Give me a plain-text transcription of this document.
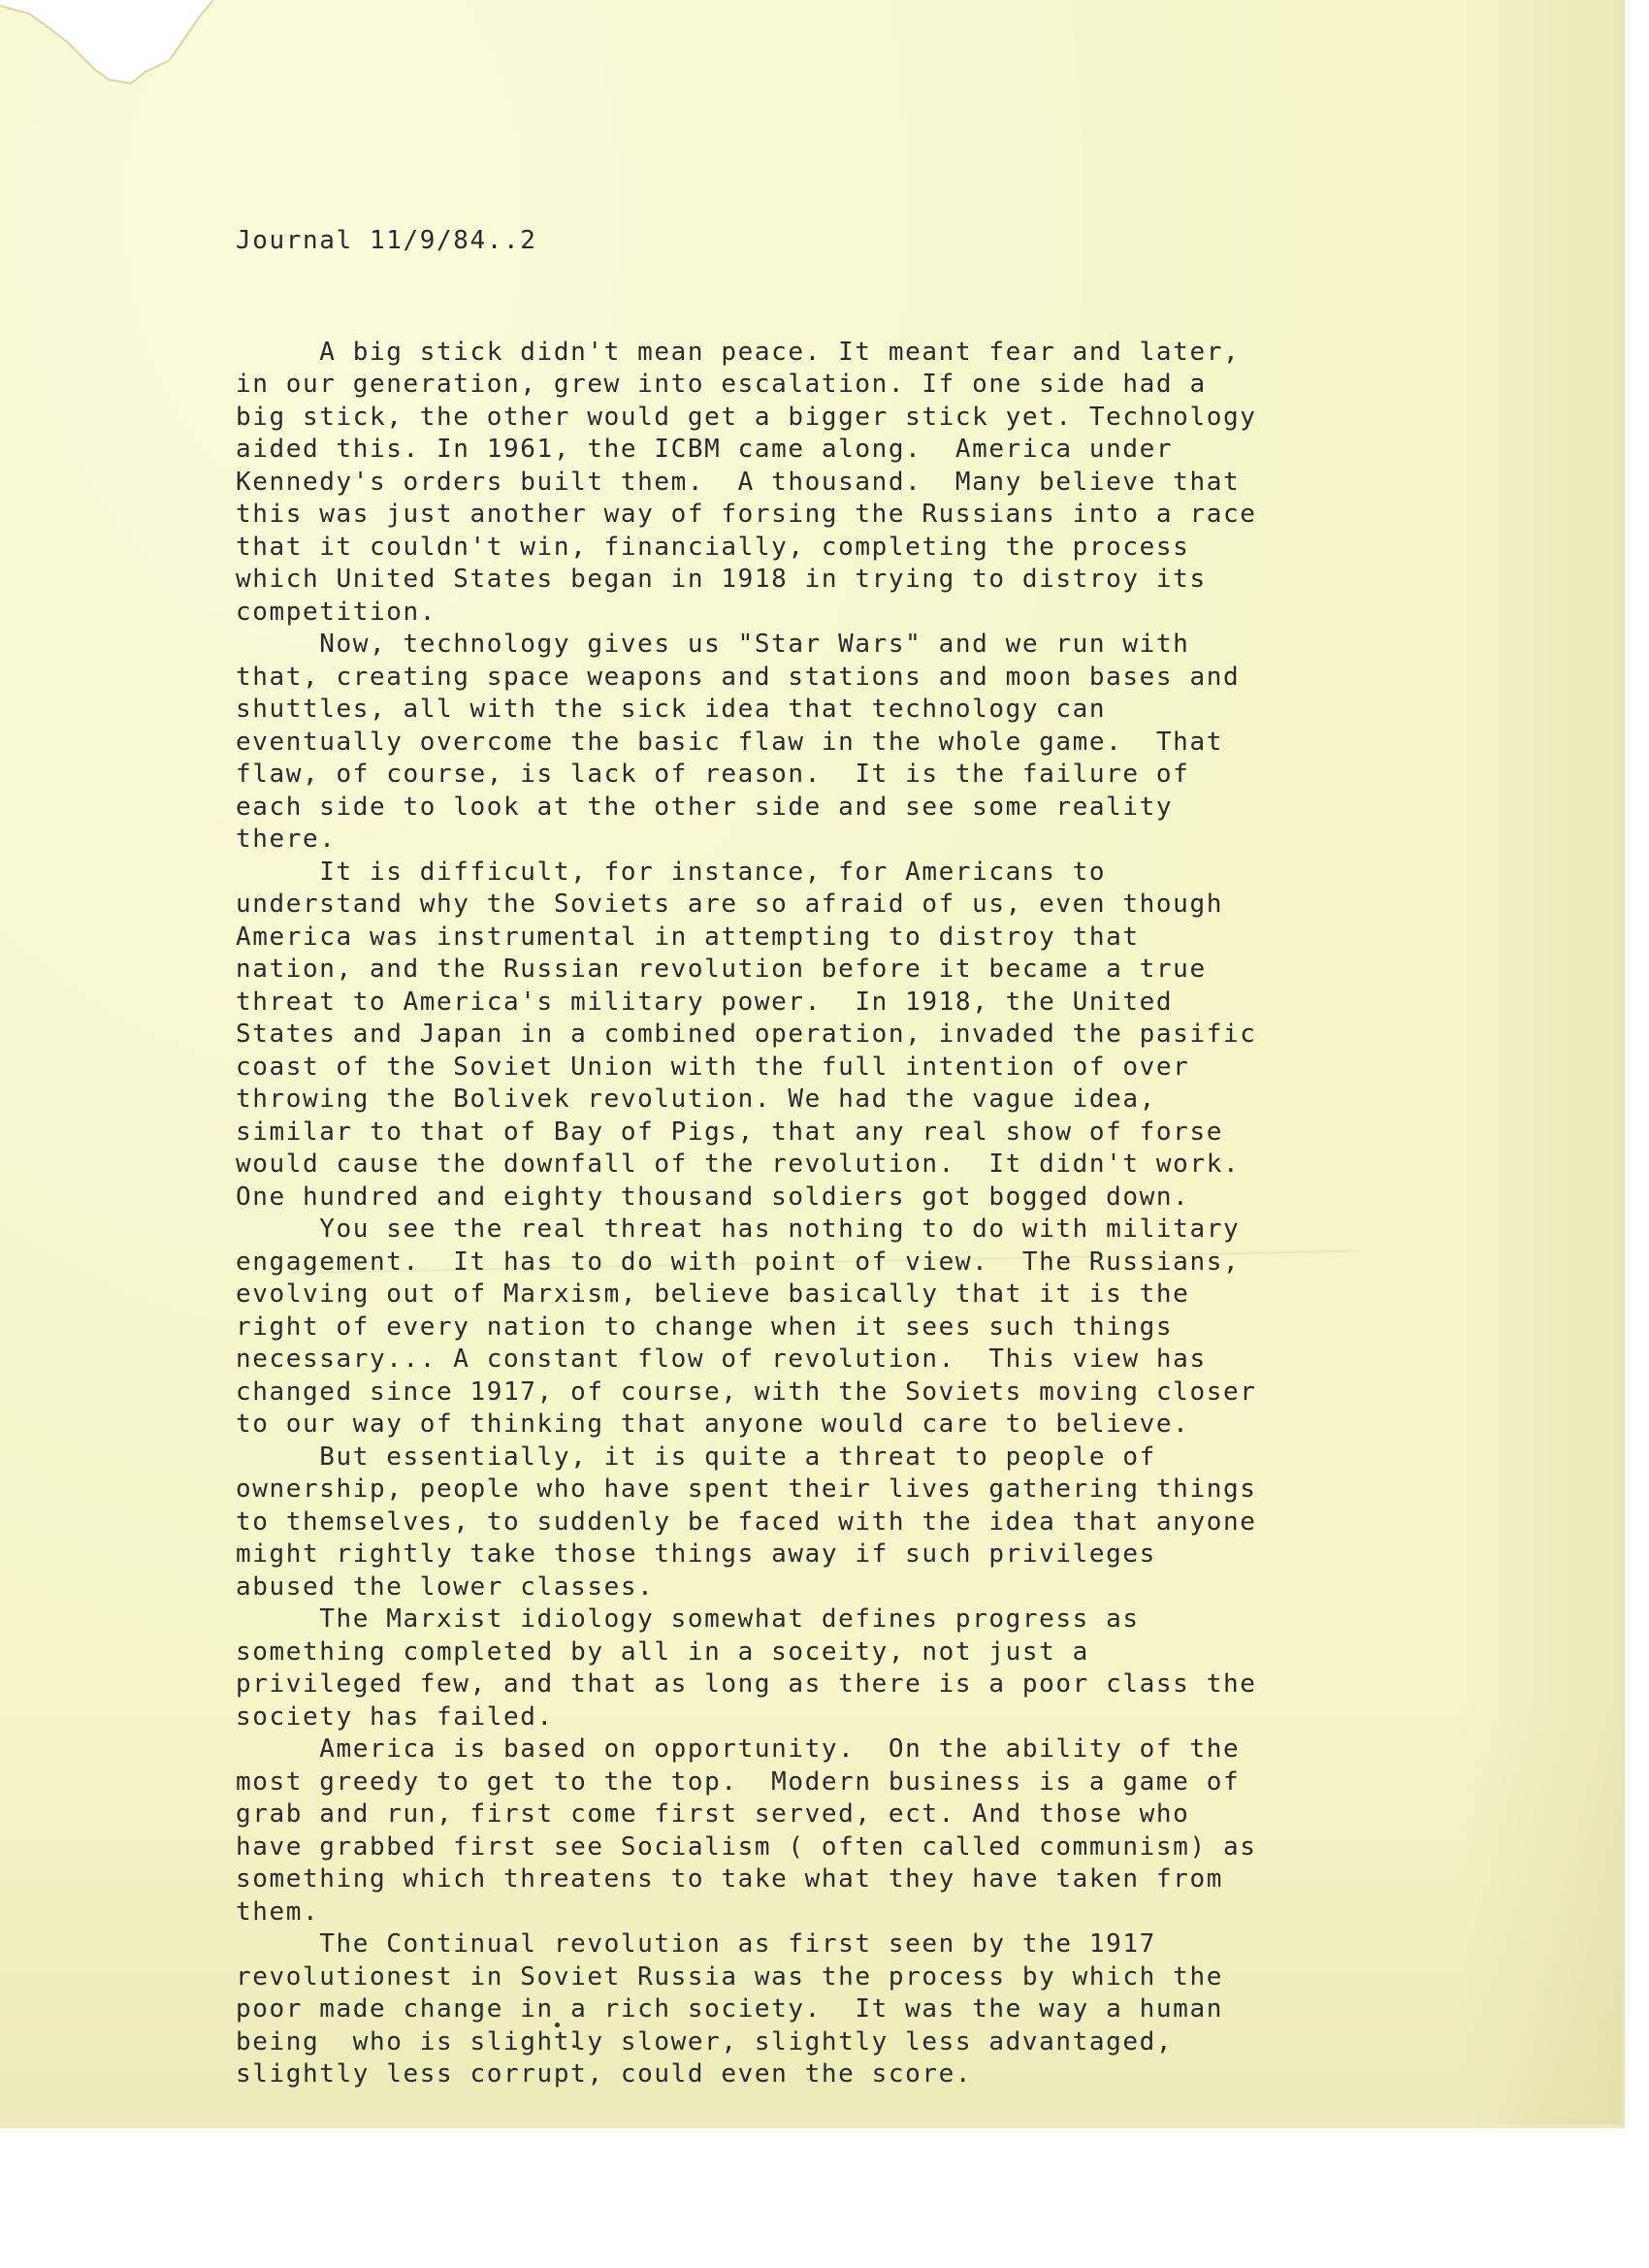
Journal 11/9/84..2

A big stick didn't mean peace. It meant fear and later,
in our generation, grew into escalation. If one side had a
big stick, the other would get a bigger stick yet. Technology
aided this. In 1961, the ICBM came along.  America under
Kennedy's orders built them.  A thousand.  Many believe that
this was just another way of forsing the Russians into a race
that it couldn't win, financially, completing the process
which United States began in 1918 in trying to distroy its
competition.
Now, technology gives us "Star Wars" and we run with
that, creating space weapons and stations and moon bases and
shuttles, all with the sick idea that technology can
eventually overcome the basic flaw in the whole game.  That
flaw, of course, is lack of reason.  It is the failure of
each side to look at the other side and see some reality
there.
It is difficult, for instance, for Americans to
understand why the Soviets are so afraid of us, even though
America was instrumental in attempting to distroy that
nation, and the Russian revolution before it became a true
threat to America's military power.  In 1918, the United
States and Japan in a combined operation, invaded the pasific
coast of the Soviet Union with the full intention of over
throwing the Bolivek revolution. We had the vague idea,
similar to that of Bay of Pigs, that any real show of forse
would cause the downfall of the revolution.  It didn't work.
One hundred and eighty thousand soldiers got bogged down.
You see the real threat has nothing to do with military
engagement.  It has to do with point of view.  The Russians,
evolving out of Marxism, believe basically that it is the
right of every nation to change when it sees such things
necessary... A constant flow of revolution.  This view has
changed since 1917, of course, with the Soviets moving closer
to our way of thinking that anyone would care to believe.
But essentially, it is quite a threat to people of
ownership, people who have spent their lives gathering things
to themselves, to suddenly be faced with the idea that anyone
might rightly take those things away if such privileges
abused the lower classes.
The Marxist idiology somewhat defines progress as
something completed by all in a soceity, not just a
privileged few, and that as long as there is a poor class the
society has failed.
America is based on opportunity.  On the ability of the
most greedy to get to the top.  Modern business is a game of
grab and run, first come first served, ect. And those who
have grabbed first see Socialism ( often called communism) as
something which threatens to take what they have taken from
them.
The Continual revolution as first seen by the 1917
revolutionest in Soviet Russia was the process by which the
poor made change in a rich society.  It was the way a human
being  who is slightly slower, slightly less advantaged,
slightly less corrupt, could even the score.
